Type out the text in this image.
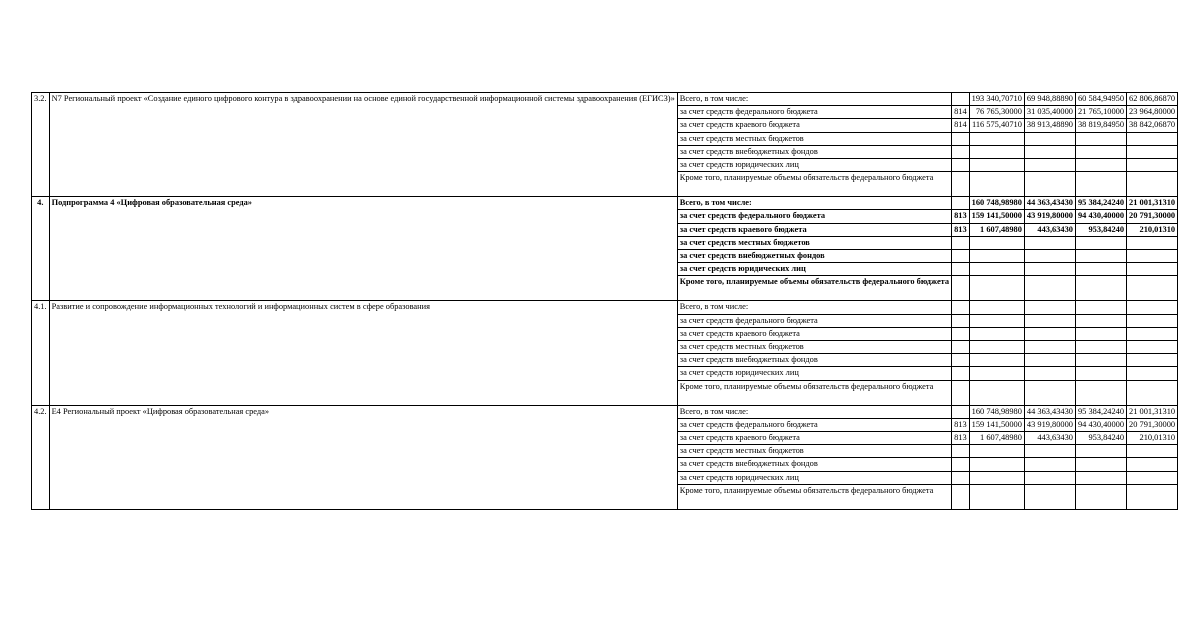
3.2.	N7 Региональный проект «Создание единого цифрового контура в здравоохранении на основе единой государственной информационной системы здравоохранения (ЕГИСЗ)»	Всего, в том числе:		193 340,70710	69 948,88890	60 584,94950	62 806,86870
		за счет средств федерального бюджета	814	76 765,30000	31 035,40000	21 765,10000	23 964,80000
		за счет средств краевого бюджета	814	116 575,40710	38 913,48890	38 819,84950	38 842,06870
		за счет средств местных бюджетов					
		за счет средств внебюджетных фондов					
		за счет средств юридических лиц					
		Кроме того, планируемые объемы обязательств федерального бюджета					
4.	Подпрограмма 4 «Цифровая образовательная среда»	Всего, в том числе:		160 748,98980	44 363,43430	95 384,24240	21 001,31310
		за счет средств федерального бюджета	813	159 141,50000	43 919,80000	94 430,40000	20 791,30000
		за счет средств краевого бюджета	813	1 607,48980	443,63430	953,84240	210,01310
		за счет средств местных бюджетов					
		за счет средств внебюджетных фондов					
		за счет средств юридических лиц					
		Кроме того, планируемые объемы обязательств федерального бюджета					
4.1.	Развитие и сопровождение информационных технологий и информационных систем в сфере образования	Всего, в том числе:					
		за счет средств федерального бюджета					
		за счет средств краевого бюджета					
		за счет средств местных бюджетов					
		за счет средств внебюджетных фондов					
		за счет средств юридических лиц					
		Кроме того, планируемые объемы обязательств федерального бюджета					
4.2.	E4 Региональный проект «Цифровая образовательная среда»	Всего, в том числе:		160 748,98980	44 363,43430	95 384,24240	21 001,31310
		за счет средств федерального бюджета	813	159 141,50000	43 919,80000	94 430,40000	20 791,30000
		за счет средств краевого бюджета	813	1 607,48980	443,63430	953,84240	210,01310
		за счет средств местных бюджетов					
		за счет средств внебюджетных фондов					
		за счет средств юридических лиц					
		Кроме того, планируемые объемы обязательств федерального бюджета					
